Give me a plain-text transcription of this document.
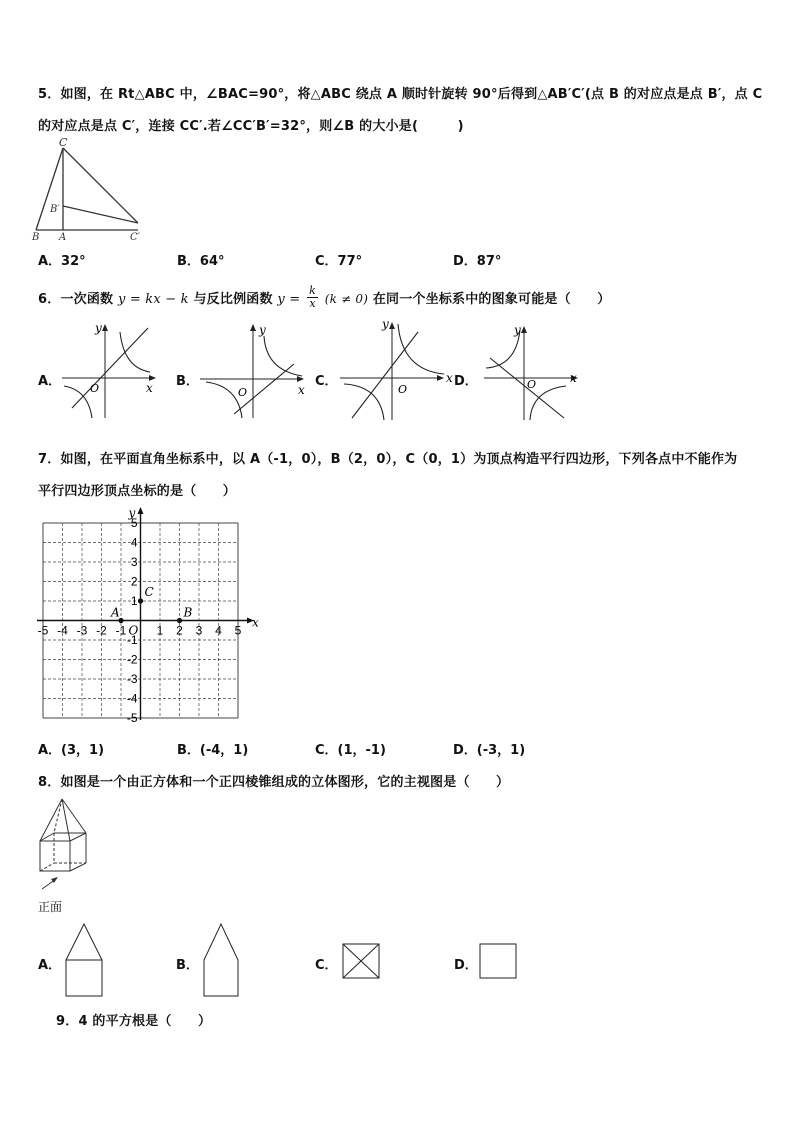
5．如图，在 Rt△ABC 中，∠BAC=90°，将△ABC 绕点 A 顺时针旋转 90°后得到△AB′C′(点 B 的对应点是点 B′，点 C
的对应点是点 C′，连接 CC′.若∠CC′B′=32°，则∠B 的大小是(　　　)
C
B′
B A	C′
A．32°	B．64°	C．77°	D．87°
6．一次函数 y = kx − k 与反比例函数 $y = \frac{k}{x} (k \ne 0)$ 在同一个坐标系中的图象可能是（　　）
A．	B．	C．	D．
y
x
O
y
x
O
y
x
O
y
x
O
7．如图，在平面直角坐标系中，以 A（-1，0），B（2，0），C（0，1）为顶点构造平行四边形，下列各点中不能作为
平行四边形顶点坐标的是（　　）
x
y
O
-5 -4 -3 -2 -1	1 2 3 4 5
5
4
3
2
1
-1
-2
-3
-4
-5
A	B
C
A．(3，1)	B．(-4，1)	C．(1，-1)	D．(-3，1)
8．如图是一个由正方体和一个正四棱锥组成的立体图形，它的主视图是（　　）
正面
A．	B．	C．	D．
9．4 的平方根是（　　）
